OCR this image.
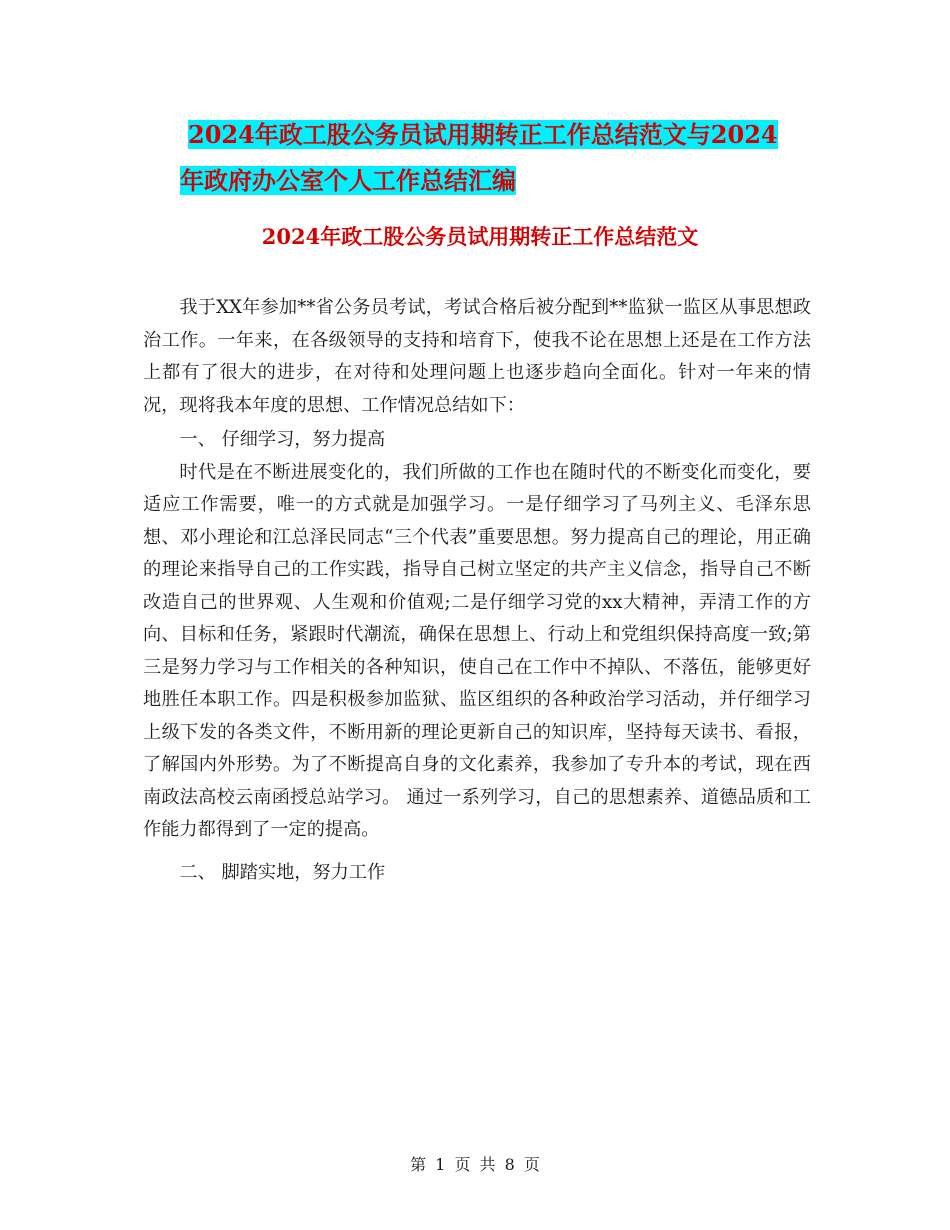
2024年政工股公务员试用期转正工作总结范文与2024
年政府办公室个人工作总结汇编
2024年政工股公务员试用期转正工作总结范文

我于XX年参加**省公务员考试，考试合格后被分配到**监狱一监区从事思想政治工作。一年来，在各级领导的支持和培育下，使我不论在思想上还是在工作方法上都有了很大的进步，在对待和处理问题上也逐步趋向全面化。针对一年来的情况，现将我本年度的思想、工作情况总结如下：

一、 仔细学习，努力提高

时代是在不断进展变化的，我们所做的工作也在随时代的不断变化而变化，要适应工作需要，唯一的方式就是加强学习。一是仔细学习了马列主义、毛泽东思想、邓小理论和江总泽民同志“三个代表”重要思想。努力提高自己的理论，用正确的理论来指导自己的工作实践，指导自己树立坚定的共产主义信念，指导自己不断改造自己的世界观、人生观和价值观;二是仔细学习党的xx大精神，弄清工作的方向、目标和任务，紧跟时代潮流，确保在思想上、行动上和党组织保持高度一致;第三是努力学习与工作相关的各种知识，使自己在工作中不掉队、不落伍，能够更好地胜任本职工作。四是积极参加监狱、监区组织的各种政治学习活动，并仔细学习上级下发的各类文件，不断用新的理论更新自己的知识库，坚持每天读书、看报，了解国内外形势。为了不断提高自身的文化素养，我参加了专升本的考试，现在西南政法高校云南函授总站学习。 通过一系列学习，自己的思想素养、道德品质和工作能力都得到了一定的提高。

二、 脚踏实地，努力工作

第 1 页 共 8 页
